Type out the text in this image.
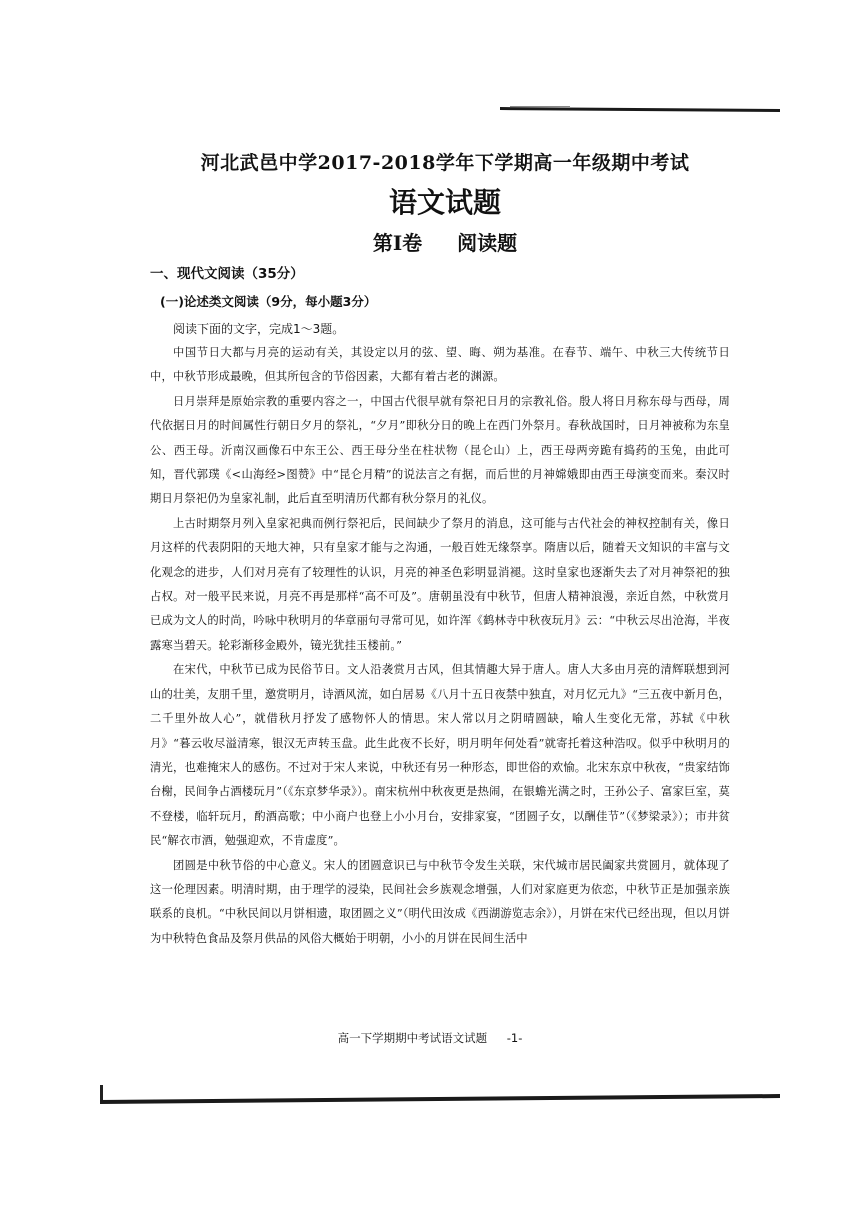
河北武邑中学2017-2018学年下学期高一年级期中考试
语文试题
第Ⅰ卷 阅读题
一、现代文阅读（35分）
(一)论述类文阅读（9分，每小题3分）
阅读下面的文字，完成1～3题。

中国节日大都与月亮的运动有关，其设定以月的弦、望、晦、朔为基准。在春节、端午、中秋三大传统节日中，中秋节形成最晚，但其所包含的节俗因素，大都有着古老的渊源。

日月崇拜是原始宗教的重要内容之一，中国古代很早就有祭祀日月的宗教礼俗。殷人将日月称东母与西母，周代依据日月的时间属性行朝日夕月的祭礼，“夕月”即秋分日的晚上在西门外祭月。春秋战国时，日月神被称为东皇公、西王母。沂南汉画像石中东王公、西王母分坐在柱状物（昆仑山）上，西王母两旁跪有捣药的玉兔，由此可知，晋代郭璞《<山海经>图赞》中“昆仑月精”的说法言之有据，而后世的月神嫦娥即由西王母演变而来。秦汉时期日月祭祀仍为皇家礼制，此后直至明清历代都有秋分祭月的礼仪。

上古时期祭月列入皇家祀典而例行祭祀后，民间缺少了祭月的消息，这可能与古代社会的神权控制有关，像日月这样的代表阴阳的天地大神，只有皇家才能与之沟通，一般百姓无缘祭享。隋唐以后，随着天文知识的丰富与文化观念的进步，人们对月亮有了较理性的认识，月亮的神圣色彩明显消褪。这时皇家也逐渐失去了对月神祭祀的独占权。对一般平民来说，月亮不再是那样“高不可及”。唐朝虽没有中秋节，但唐人精神浪漫，亲近自然，中秋赏月已成为文人的时尚，吟咏中秋明月的华章丽句寻常可见，如许浑《鹤林寺中秋夜玩月》云：“中秋云尽出沧海，半夜露寒当碧天。轮彩渐移金殿外，镜光犹挂玉楼前。”

在宋代，中秋节已成为民俗节日。文人沿袭赏月古风，但其情趣大异于唐人。唐人大多由月亮的清辉联想到河山的壮美，友朋千里，邀赏明月，诗酒风流，如白居易《八月十五日夜禁中独直，对月忆元九》“三五夜中新月色，二千里外故人心”，就借秋月抒发了感物怀人的情思。宋人常以月之阴晴圆缺，喻人生变化无常，苏轼《中秋月》“暮云收尽溢清寒，银汉无声转玉盘。此生此夜不长好，明月明年何处看”就寄托着这种浩叹。似乎中秋明月的清光，也难掩宋人的感伤。不过对于宋人来说，中秋还有另一种形态，即世俗的欢愉。北宋东京中秋夜，“贵家结饰台榭，民间争占酒楼玩月”（《东京梦华录》）。南宋杭州中秋夜更是热闹，在银蟾光满之时，王孙公子、富家巨室，莫不登楼，临轩玩月，酌酒高歌；中小商户也登上小小月台，安排家宴，“团圆子女，以酬佳节”（《梦梁录》）；市井贫民“解衣市酒，勉强迎欢，不肯虚度”。

团圆是中秋节俗的中心意义。宋人的团圆意识已与中秋节令发生关联，宋代城市居民阖家共赏圆月，就体现了这一伦理因素。明清时期，由于理学的浸染，民间社会乡族观念增强，人们对家庭更为依恋，中秋节正是加强亲族联系的良机。“中秋民间以月饼相遗，取团圆之义”（明代田汝成《西湖游览志余》），月饼在宋代已经出现，但以月饼为中秋特色食品及祭月供品的风俗大概始于明朝，小小的月饼在民间生活中

高一下学期期中考试语文试题 -1-
